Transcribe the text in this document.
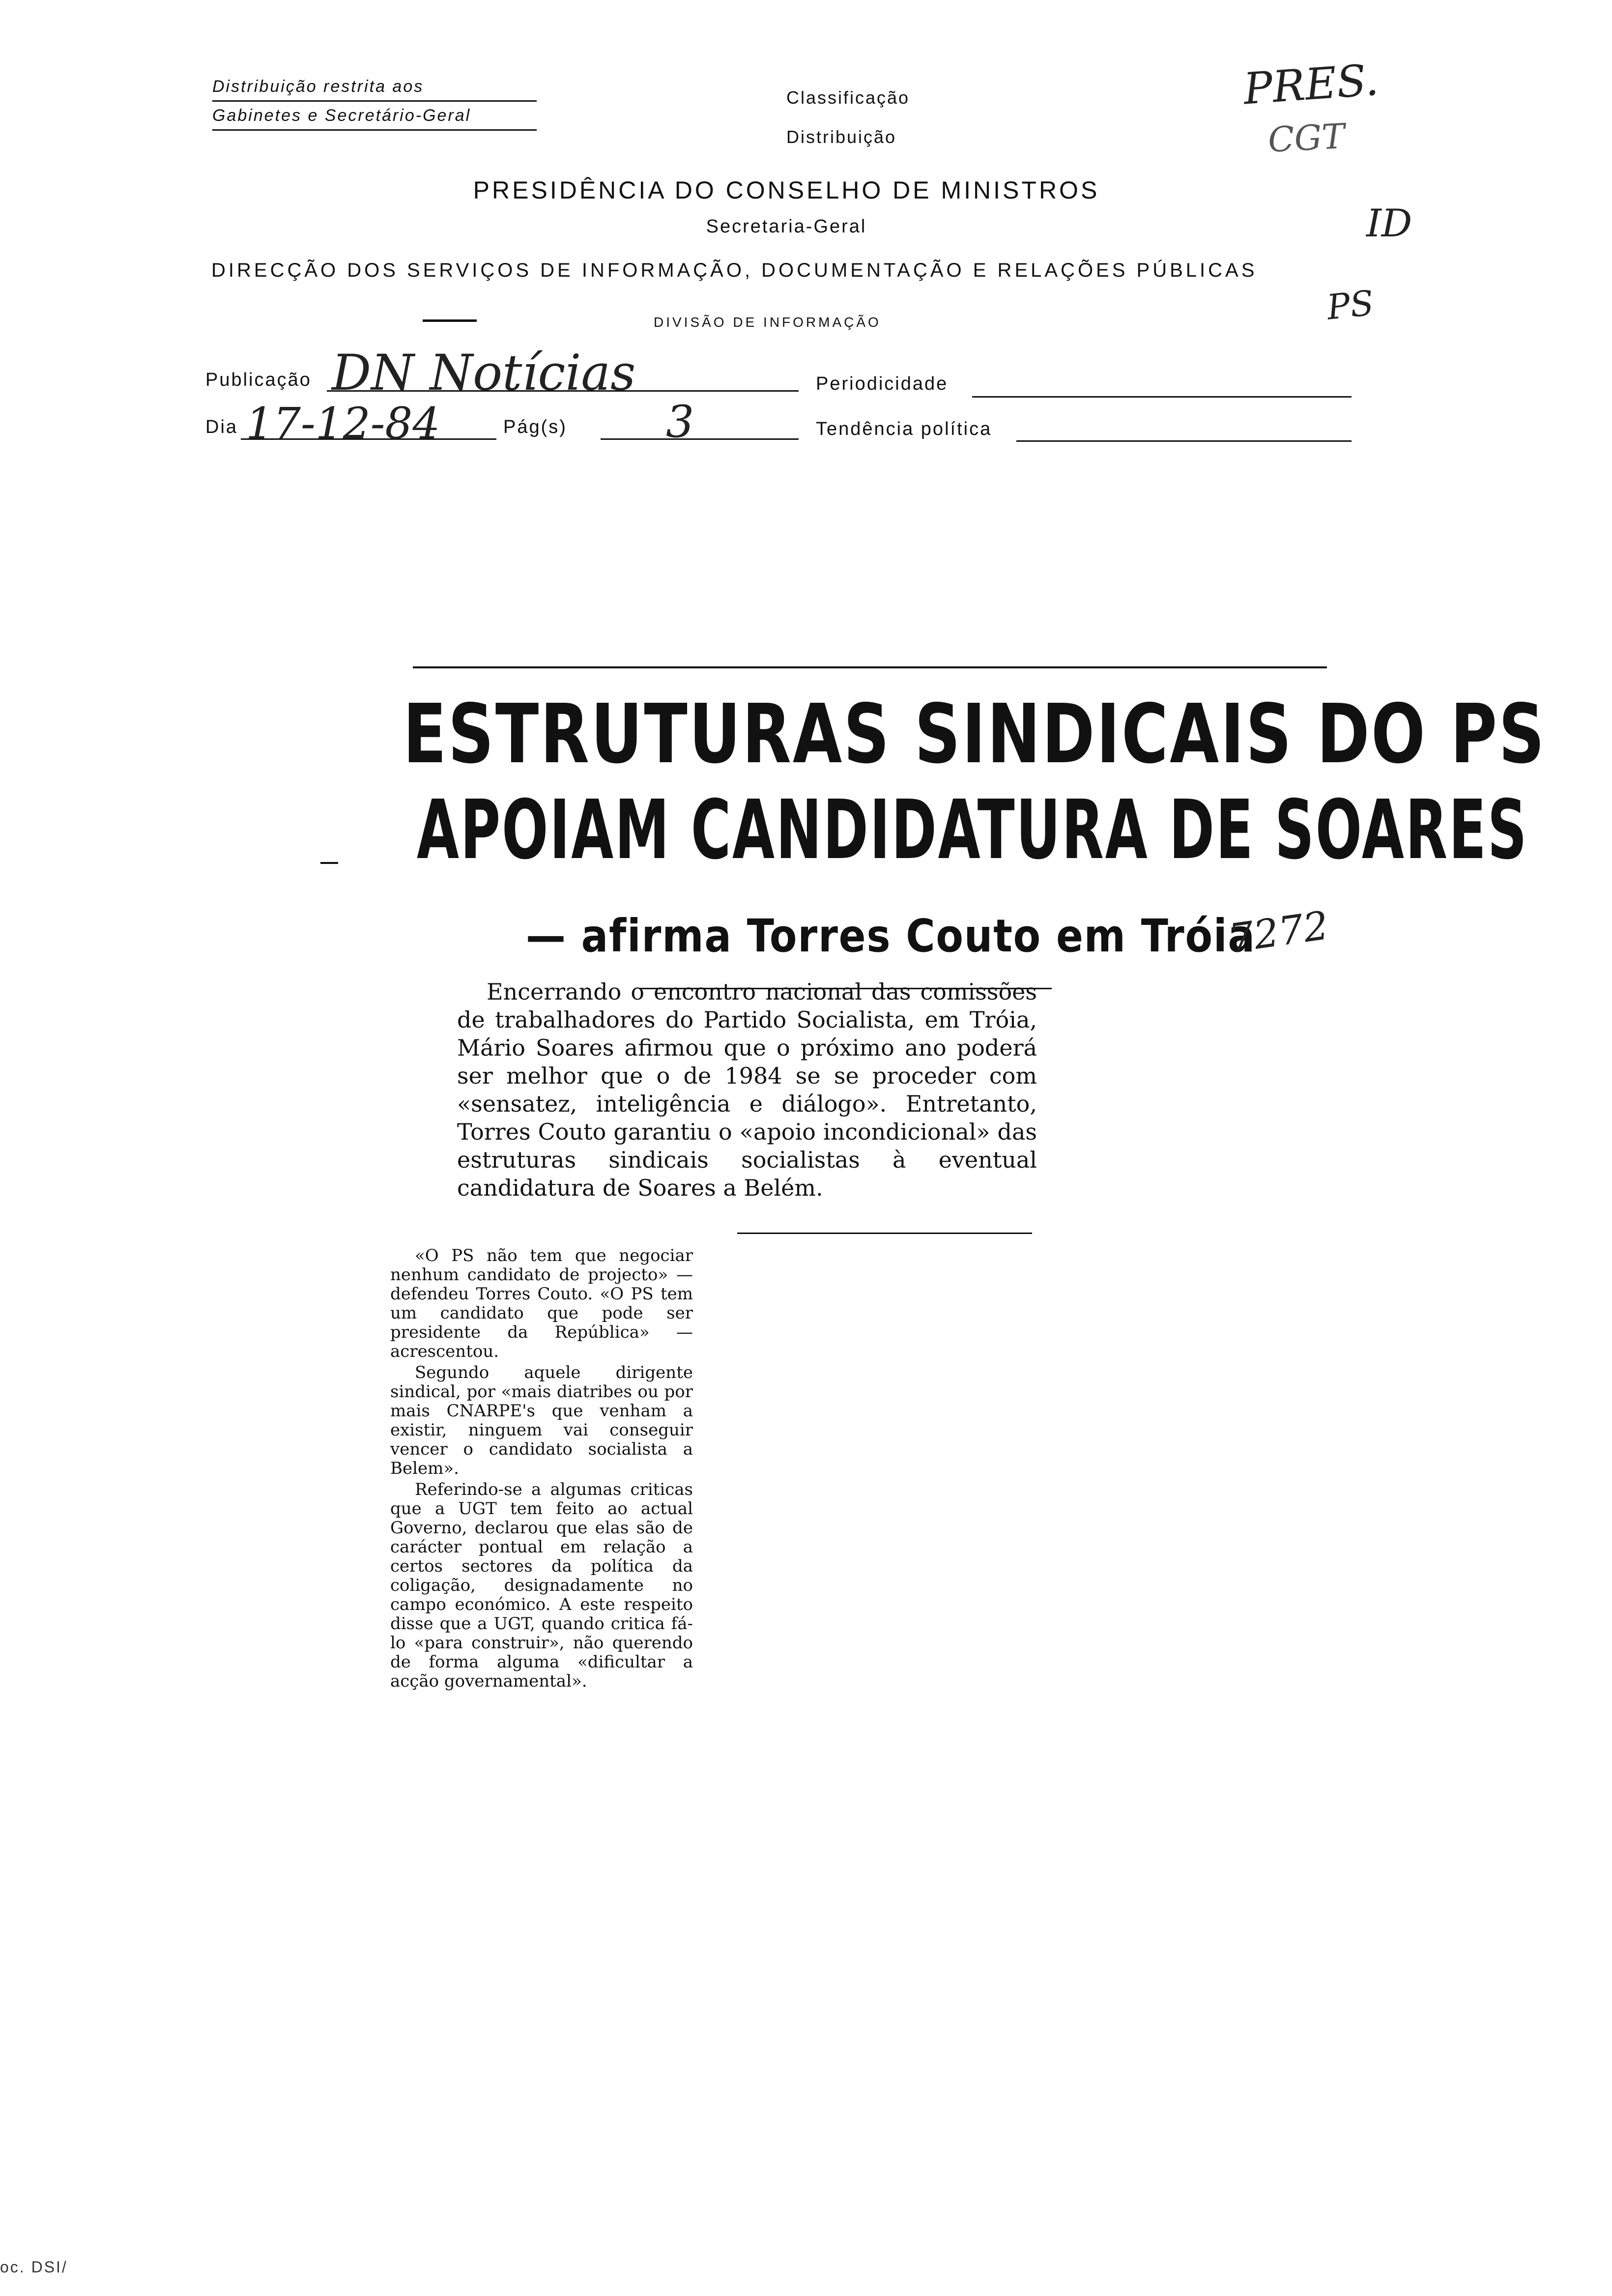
Distribuição restrita aos
Gabinetes e Secretário-Geral
Classificação
Distribuição
PRES.
CGT
ID
PS
PRESIDÊNCIA DO CONSELHO DE MINISTROS
Secretaria-Geral
DIRECÇÃO DOS SERVIÇOS DE INFORMAÇÃO, DOCUMENTAÇÃO E RELAÇÕES PÚBLICAS
DIVISÃO DE INFORMAÇÃO
Publicação DN Notícias	Periodicidade
Dia 17-12-84	Pág(s) 3	Tendência política
ESTRUTURAS SINDICAIS DO PS
APOIAM CANDIDATURA DE SOARES
— afirma Torres Couto em Tróia
7272
Encerrando o encontro nacional das comissões de trabalhadores do Partido Socialista, em Tróia, Mário Soares afirmou que o próximo ano poderá ser melhor que o de 1984 se se proceder com «sensatez, inteligência e diálogo». Entretanto, Torres Couto garantiu o «apoio incondicional» das estruturas sindicais socialistas à eventual candidatura de Soares a Belém.

«O PS não tem que negociar nenhum candidato de projecto» — defendeu Torres Couto. «O PS tem um candidato que pode ser presidente da República» — acrescentou.

Segundo aquele dirigente sindical, por «mais diatribes ou por mais CNARPE's que venham a existir, ninguem vai conseguir vencer o candidato socialista a Belem».

Referindo-se a algumas criticas que a UGT tem feito ao actual Governo, declarou que elas são de carácter pontual em relação a certos sectores da política da coligação, designadamente no campo económico. A este respeito disse que a UGT, quando critica fá-lo «para construir», não querendo de forma alguma «dificultar a acção governamental».

oc. DSI/
